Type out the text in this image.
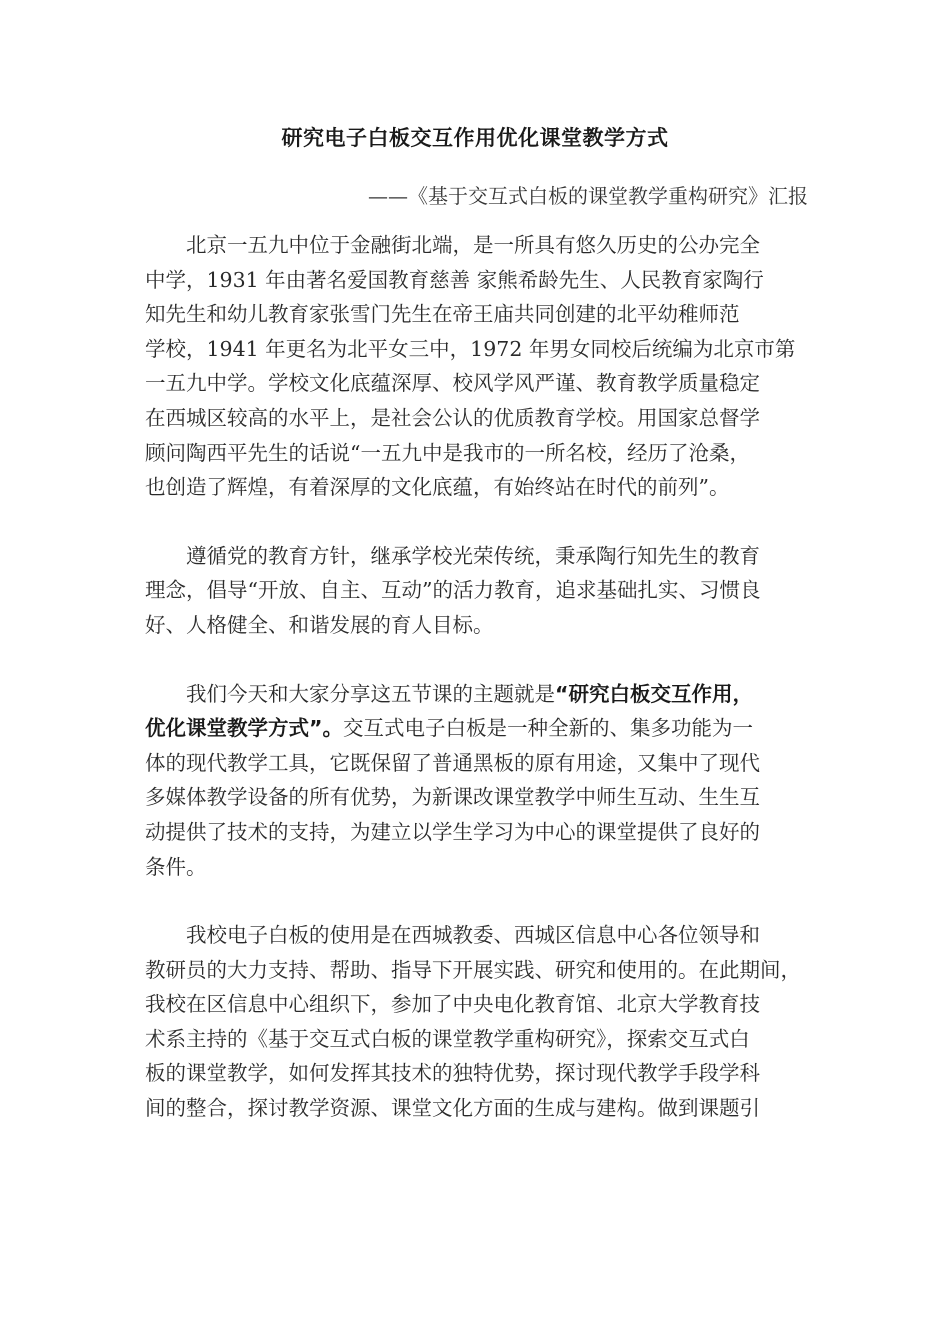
研究电子白板交互作用优化课堂教学方式
——《基于交互式白板的课堂教学重构研究》汇报

北京一五九中位于金融街北端，是一所具有悠久历史的公办完全
中学，1931 年由著名爱国教育慈善 家熊希龄先生、人民教育家陶行
知先生和幼儿教育家张雪门先生在帝王庙共同创建的北平幼稚师范
学校，1941 年更名为北平女三中，1972 年男女同校后统编为北京市第
一五九中学。学校文化底蕴深厚、校风学风严谨、教育教学质量稳定
在西城区较高的水平上，是社会公认的优质教育学校。用国家总督学
顾问陶西平先生的话说“一五九中是我市的一所名校，经历了沧桑，
也创造了辉煌，有着深厚的文化底蕴，有始终站在时代的前列”。

遵循党的教育方针，继承学校光荣传统，秉承陶行知先生的教育
理念，倡导“开放、自主、互动”的活力教育，追求基础扎实、习惯良
好、人格健全、和谐发展的育人目标。

我们今天和大家分享这五节课的主题就是“研究白板交互作用，
优化课堂教学方式”。交互式电子白板是一种全新的、集多功能为一
体的现代教学工具，它既保留了普通黑板的原有用途，又集中了现代
多媒体教学设备的所有优势，为新课改课堂教学中师生互动、生生互
动提供了技术的支持，为建立以学生学习为中心的课堂提供了良好的
条件。

我校电子白板的使用是在西城教委、西城区信息中心各位领导和
教研员的大力支持、帮助、指导下开展实践、研究和使用的。在此期间，
我校在区信息中心组织下，参加了中央电化教育馆、北京大学教育技
术系主持的《基于交互式白板的课堂教学重构研究》，探索交互式白
板的课堂教学，如何发挥其技术的独特优势，探讨现代教学手段学科
间的整合，探讨教学资源、课堂文化方面的生成与建构。做到课题引
